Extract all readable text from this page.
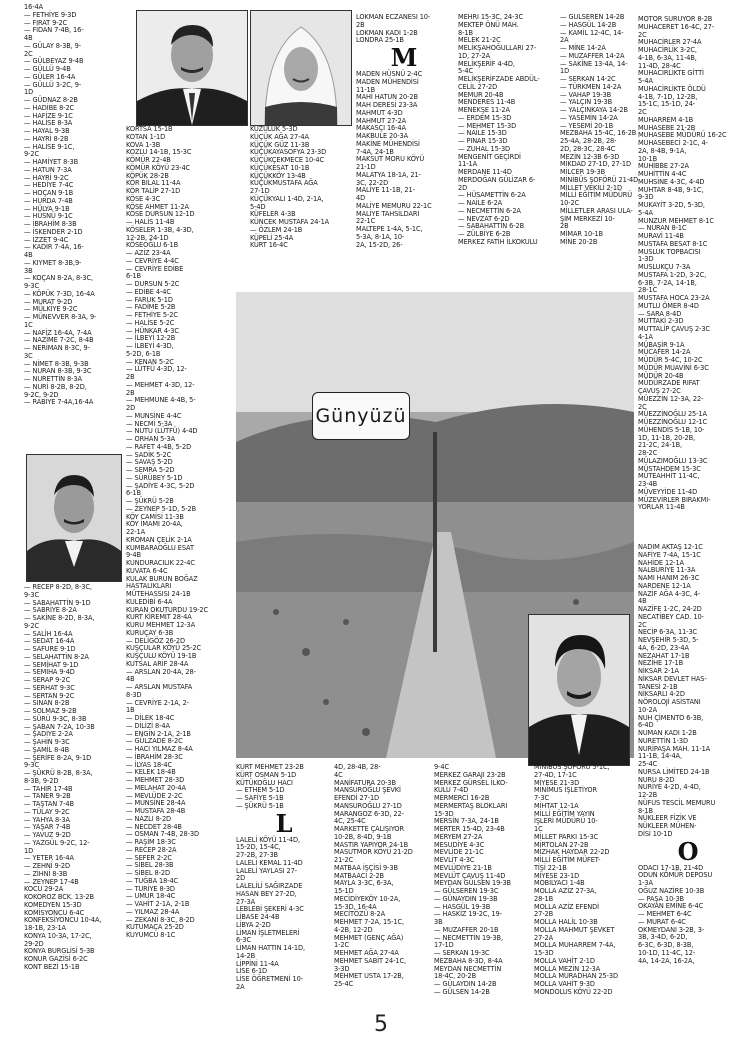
16-4A
— FETHİYE 9-3D
— FIRAT 9-2C
— FİDAN 7-4B, 16-
4B
— GÜLAY 8-3B, 9-
2C
— GÜLBEYAZ 9-4B
— GÜLLÜ 9-4B
— GÜLER 16-4A
— GÜLLÜ 3-2C, 9-
1D
— GÜDNAZ 8-2B
— HADİBE 8-2C
— HAFİZE 9-1C
— HALİSE 8-3A
— HAYAL 9-3B
— HAYRİ 8-2B
— HALİSE 9-1C,
9-2C
— HAMİYET 8-3B
— HATUN 7-3A
— HAYRİ 9-2C
— HEDİYE 7-4C
— HOÇAN 9-1B
— HURDA 7-4B
— HÜLYA 9-1B
— HÜSNÜ 9-1C
— İBRAHİM 8-3B
— İSKENDER 2-1D
— İZZET 9-4C
— KADİR 7-4A, 16-
4B
— KIYMET 8-3B,9-
3B
— KOÇAN 8-2A, 8-3C,
9-3C
— KÖPÜK 7-3D, 16-4A
— MURAT 9-2D
— MÜLKİYE 9-2C
— MÜNEVVER 8-3A, 9-
1C
— NAFİZ 16-4A, 7-4A
— NAZİME 7-2C, 8-4B
— NERİMAN 8-3C, 9-
3C
— NİMET 8-3B, 9-3B
— NURAN 8-3B, 9-3C
— NURETTİN 8-3A
— NURİ 8-2B, 8-2D,
9-2C, 9-2D
— RABİYE 7-4A,16-4A
— RECEP 8-2D, 8-3C,
9-3C
— SABAHATTİN 9-1D
— SABRİYE 8-2A
— SAKİNE 8-2D, 8-3A,
9-2C
— SALİH 16-4A
— SEDAT 16-4A
— SAFURE 9-1D
— SELAHATTİN 8-2A
— SEMİHAT 9-1D
— SEMİHA 9-4D
— SERAP 9-2C
— SERHAT 9-3C
— SERTAN 9-2C
— SİNAN 8-2B
— SOLMAZ 9-2B
— SÜRÜ 9-3C, 8-3B
— ŞABAN 7-2A, 10-3B
— ŞADİYE 2-2A
— ŞAHİN 9-3C
— ŞAMİL 8-4B
— ŞERİFE 8-2A, 9-1D
9-3C
— ŞÜKRÜ 8-2B, 8-3A,
8-3B, 9-2D
— TAHİR 17-4B
— TANER 9-2B
— TAŞTAN 7-4B
— TÜLAY 9-2C
— YAHYA 8-3A
— YAŞAR 7-4B
— YAVUZ 9-2D
— YAZGÜL 9-2C, 12-
1D
— YETER 16-4A
— ZEHNİ 9-2D
— ZİHNİ 8-3B
— ZEYNEP 17-4B
KOCU 29-2A
KOKOROZ BCK. 13-2B
KOMEDYEN 15-3D
KOMİSYONCU 6-4C
KONFEKSİYONCU 10-4A,
18-1B, 23-1A
KONYA 10-3A, 17-2C,
29-2D
KONYA BURGLİSİ 5-3B
KONUR GAZİSİ 6-2C
KONT BEZİ 15-1B
KORTSA 15-1B
KOTAN 1-1D
KOVA 1-3B
KOZLU 14-1B, 15-3C
KÖMÜR 22-4B
KÖMÜR KÖYÜ 23-4C
KÖPÜK 28-2B
KÖR BİLAL 11-4A
KÖR TALİP 27-1D
KÖSE 4-3C
KÖSE AHMET 11-2A
KÖSE DURSUN 12-1D
— HALİS 11-4B
KÖSELER 1-3B, 4-3D,
12-2B, 24-1D
KÖSEOĞLU 6-1B
— AZİZ 23-4A
— CEVRİYE 4-4C
— CEVRİYE EDİBE
6-1B
— DURSUN 5-2C
— EDİBE 4-4C
— FARUK 5-1D
— FADİME 5-2B
— FETHİYE 5-2C
— HALİSE 5-2C
— HÜNKAR 4-3C
— İLBEYİ 12-2B
— İLBEYİ 4-3D,
5-2D, 6-1B
— KENAN 5-2C
— LÜTFÜ 4-3D, 12-
2B
— MEHMET 4-3D, 12-
2B
— MEHMUNE 4-4B, 5-
2D
— MUNSİNE 4-4C
— NECMİ 5-3A
— NUTU (LÜTFÜ) 4-4D
— ORHAN 5-3A
— RAFET 4-4B, 5-2D
— SADİK 5-2C
— SAVAŞ 5-2D
— SEMRA 5-2D
— SÜRÜBEY 5-1D
— ŞADİYE 4-3C, 5-2D
6-1B
— ŞÜKRÜ 5-2B
— ZEYNEP 5-1D, 5-2B
KÖY CAMİSİ 11-3B
KÖY İMAMI 20-4A,
22-1A
KROMAN ÇELİK 2-1A
KUMBARAOĞLU ESAT
9-4B
KUNDURACILIK 22-4C
KUVATA 6-4C
KULAK BURUN BOĞAZ
HASTALIKLARI
MÜTEHASSISI 24-1B
KULEDİBİ 6-4A
KURAN OKUTURDU 19-2C
KURT KİREMİT 28-4A
KURU MEHMET 12-3A
KURUÇAY 6-3B
— DELİGÖZ 26-2D
KUŞÇULAR KÖYÜ 25-2C
KUŞÇULU KÖYÜ 19-1B
KUTSAL ARİF 28-4A
— ARSLAN 20-4A, 28-
4B
— ARSLAN MUSTAFA
8-3D
— CEVRİYE 2-1A, 2-
1B
— DİLEK 18-4C
— DİLİZİ 8-4A
— ENGİN 2-1A, 2-1B
— GÜLZADE 8-2C
— HACI YILMAZ 8-4A
— İBRAHİM 28-3C
— İLYAS 18-4C
— KELEK 18-4B
— MEHMET 28-3D
— MELAHAT 20-4A
— MEVLÜDE 2-2C
— MUNSİNE 28-4A
— MUSTAFA 28-4B
— NAZLI 8-2D
— NECDET 28-4B
— OSMAN 7-4B, 28-3D
— RAŞİM 18-3C
— RECEP 28-2A
— SEFER 2-2C
— SİBEL 28-3B
— SİBEL 8-2D
— TUĞBA 18-4C
— TURİYE 8-3D
— UMUR 18-4C
— VAHİT 2-1A, 2-1B
— YILMAZ 28-4A
— ZEKANİ 8-3C, 8-2D
KUTUMAÇA 25-2D
KUYUMCU 8-1C
KUZULUK 5-3D
KÜÇÜK AĞA 27-4A
KÜÇÜK GÜZ 11-3B
KÜÇÜKAYASOFYA 23-3D
KÜÇÜKÇEKMECE 10-4C
KÜÇÜKESAT 10-1B
KÜÇÜKKÖY 13-4B
KÜÇÜKMUSTAFA AĞA
27-1D
KÜÇÜKYALI 1-4D, 2-1A,
5-4D
KÜFELER 4-3B
KÜNCEK MUSTAFA 24-1A
— ÖZLEM 24-1B
KÜPELİ 25-4A
KÜRT 16-4C
LOKMAN ECZANESİ 10-
2B
LOKMAN KADI 1-2B
LONDRA 25-1B
M
MADEN HÜSNÜ 2-4C
MADEN MÜHENDİSİ
11-1B
MAHİ HATUN 20-2B
MAH DERESİ 23-3A
MAHMUT 4-3D
MAHMUT 27-2A
MAKASÇI 16-4A
MAKBULE 20-3A
MAKİNE MÜHENDİSİ
7-4A, 24-1B
MAKSUT MORU KÖYÜ
21-1D
MALATYA 18-1A, 21-
3C, 22-2D
MALİYE 11-1B, 21-
4D
MALİYE MEMURU 22-1C
MALİYE TAHSİLDARI
22-1C
MALTEPE 1-4A, 5-1C,
5-3A, 8-1A, 10-
2A, 15-2D, 26-
MEHRİ 15-3C, 24-3C
MEKTEP ÖNÜ MAH.
8-1B
MELEK 21-2C
MELİKŞAHOĞULLARI 27-
1D, 27-2A
MELİKŞERİF 4-4D,
5-4C
MELİKŞERİFZADE ABDÜL-
CELİL 27-2D
MEMUR 20-4B
MENDERES 11-4B
MENEKŞE 11-2A
— ERDEM 15-3D
— MEHMET 15-3D
— NAİLE 15-3D
— PINAR 15-3D
— ZUHAL 15-3D
MENGENİT GEÇİRDİ
11-1A
MERDANE 11-4D
MERDOĞAN GÜLİZAR 6-
2D
— HÜSAMETTİN 6-2A
— NAİLE 6-2A
— NECMETTİN 6-2A
— NEVZAT 6-2D
— SABAHATTİN 6-2B
— ZÜLBİYE 6-2B
MERKEZ FATİH İLKOKULU
— GÜLSEREN 14-2B
— HASGÜL 14-2B
— KAMİL 12-4C, 14-
2A
— MİNE 14-2A
— MUZAFFER 14-2A
— SAKİNE 13-4A, 14-
1D
— SERKAN 14-2C
— TÜRKMEN 14-2A
— VAHAP 19-3B
— YALÇIN 19-3B
— YALÇINKAYA 14-2B
— YASEMİN 14-2A
— YESEMİ 20-1B
MEZBAHA 15-4C, 16-2B
25-4A, 28-2B, 28-
2D, 28-3C, 28-4C
MEZİN 12-3B 6-3D
MİKDAD 27-1D, 27-1D
MİLCER 19-3B
MİNİBÜS ŞOFÖRÜ 21-4D
MİLLET VEKİLİ 2-1D
MİLLİ EĞİTİM MÜDÜRÜ
10-2C
MİLLETLER ARASI ULA-
ŞIM MERKEZİ 10-
2B
MİMAR 10-1B
MİNE 20-2B
Günyüzü
MOTOR SÜRÜYOR 8-2B
MUHACERET 16-4C, 27-
2C
MUHACİRLER 27-4A
MUHACİRLİK 3-2C,
4-1B, 6-3A, 11-4B,
11-4D, 28-4C
MUHACİRLİKTE GİTTİ
5-4A
MUHACİRLİKTE ÖLDÜ
4-1B, 7-1D, 12-2B,
15-1C, 15-1D, 24-
2C
MUHARREM 4-1B
MUHASEBE 21-2B
MUHASEBE MÜDÜRÜ 16-2C
MUHASEBECİ 2-1C, 4-
2A, 8-4B, 9-1A,
10-1B
MUHİBBE 27-2A
MUHİTTİN 4-4C
MUHSİNE 4-3C, 4-4D
MUHTAR 8-4B, 9-1C,
9-3D
MUKAYİT 3-2D, 5-3D,
5-4A
MUNZUR MEHMET 8-1C
— NURAN 8-1C
MURAVİ 11-4B
MUSTAFA BESAT 8-1C
MUSLUK TOPBACISI
1-3D
MUSLUKÇU 7-3A
MUSTAFA 1-2D, 3-2C,
6-3B, 7-2A, 14-1B,
28-1C
MUSTAFA HOCA 23-2A
MUTLU ÖMER 8-4D
— SARA 8-4D
MUTTAKİ 2-3D
MUTTALİP ÇAVUŞ 2-3C
4-1A
MÜBAŞİR 9-1A
MÜCAFER 14-2A
MÜDÜR 5-4C, 10-2C
MÜDÜR MUAVİNİ 6-3C
MÜDÜR 20-4B
MÜDÜRZADE RIFAT
ÇAVUŞ 27-2C
MÜEZZİN 12-3A, 22-
2C
MÜEZZİNOĞLU 25-1A
MÜEZZİNOĞLU 12-1C
MÜHENDİS 5-1B, 10-
1D, 11-1B, 20-2B,
21-2C, 24-1B,
28-2C
MÜLAZIMOĞLU 13-3C
MÜSTAHDEM 15-3C
MÜTEAHHİT 11-4C,
23-4B
MÜVEYYİDE 11-4D
MÜZEVİRLER BIRAKMI-
YORLAR 11-4B
NADİM AKTAŞ 12-1C
NAFİYE 7-4A, 15-1C
NAHİDE 12-1A
NALBURİYE 11-3A
NAMI HANIM 26-3C
NARDENE 12-1A
NAZİF AĞA 4-3C, 4-
4B
NAZİFE 1-2C, 24-2D
NECATİBEY CAD. 10-
2C
NECİP 6-3A, 11-3C
NEVŞEHİR 5-3D, 5-
4A, 6-2D, 23-4A
NEZAHAT 17-1B
NEZİHE 17-1B
NİKSAR 2-1A
NİKSAR DEVLET HAS-
TANESİ 2-1B
NİKSARLI 4-2D
NÖROLOJİ ASİSTANI
10-2A
NUH ÇİMENTO 6-3B,
6-4D
NUMAN KADI 1-2B
NURETTİN 1-3D
NURİPAŞA MAH. 11-1A
11-1B, 14-4A,
25-4C
NURSA LİMİTED 24-1B
NURU 8-2D
NURİYE 4-2D, 4-4D,
12-2B
NÜFUS TESCİL MEMURU
8-1B
NÜKLEER FİZİK VE
NÜKLEER MÜHEN-
DİSİ 10-1D
O
ODACI 17-1B, 21-4D
ODUN KÖMÜR DEPOSU
1-3A
OĞUZ NAZİRE 10-3B
— PAŞA 10-3B
OKAYAN EMİNE 6-4C
— MEHMET 6-4C
— MURAT 6-4C
OKMEYDANI 3-2B, 3-
3B, 3-4D, 6-2D,
6-3C, 6-3D, 8-3B,
10-1D, 11-4C, 12-
4A, 14-2A, 16-2A,
KÜRT MEHMET 23-2B
KÜRT OSMAN 5-1D
KÜTÜKOĞLU HACI
— ETHEM 5-1D
— SAFİYE 5-1B
— ŞÜKRÜ 5-1B
L
LALELİ KÖYÜ 11-4D,
15-2D, 15-4C,
27-2B, 27-3B
LALELİ KEMAL 11-4D
LALELİ YAYLASI 27-
2D
LALELİLİ SAĞIRZADE
HASAN BEY 27-2D,
27-3A
LEBLEBİ ŞEKERİ 4-3C
LİBASE 24-4B
LİBYA 2-2D
LİMAN İŞLETMELERİ
6-3C
LİMAN HATTIN 14-1D,
14-2B
LİPPİNİ 11-4A
LİSE 6-1D
LİSE ÖĞRETMENİ 10-
2A
4D, 28-4B, 28-
4C
MANİFATURA 20-3B
MANSUROĞLU ŞEVKİ
EFENDİ 27-1D
MANSUROĞLU 27-1D
MARANGOZ 6-3D, 22-
4C, 25-4C
MARKETTE ÇALIŞIYOR
10-2B, 8-4D, 9-1B
MASTIR YAPIYOR 24-1B
MASUTMOR KÖYÜ 21-2D
21-2C
MATBAA İŞÇİSİ 9-3B
MATBAACI 2-2B
MAYLA 3-3C, 6-3A,
15-1D
MECİDİYEKÖY 10-2A,
15-3D, 16-4A
MECİTÖZÜ 8-2A
MEHMET 7-2A, 15-1C,
4-2B, 12-2D
MEHMET (GENÇ AĞA)
1-2C
MEHMET AĞA 27-4A
MEHMET SABİT 24-1C,
3-3D
MEHMET USTA 17-2B,
25-4C
9-4C
MERKEZ GARAJI 23-2B
MERKEZ GÜRSEL İLKO-
KULU 7-4D
MERMERCİ 16-2B
MERMERTAŞ BLOKLARI
15-3D
MERSİN 7-3A, 24-1B
MERTER 15-4D, 23-4B
MERYEM 27-2A
MESUDİYE 4-3C
MEVLİDE 21-1C
MEVLİT 4-3C
MEVLÜDİYE 21-1B
MEVLÜT ÇAVUŞ 11-4D
MEYDAN GÜLSEN 19-3B
— GÜLSEREN 19-3C
— GÜNAYDIN 19-3B
— HASGÜL 19-3B
— HASKİZ 19-2C, 19-
3B
— MUZAFFER 20-1B
— NECMETTİN 19-3B,
17-1D
— SERKAN 19-3C
MEZBAHA 8-3D, 8-4A
MEYDAN NECMETTİN
18-4C, 20-2B
— GÜLAYDIN 14-2B
— GÜLSEN 14-2B
MİNİBÜS ŞOFÖRÜ 5-1C,
27-4D, 17-1C
MİYESE 21-3D
MİNİMUS İŞLETİYOR
7-3C
MİHTAT 12-1A
MİLLİ EĞİTİM YAYIN
İŞLERİ MÜDÜRÜ 10-
1C
MİLLET PARKI 15-3C
MİRTOLAN 27-2B
MİZHAK HAYDAR 22-2D
MİLLİ EĞİTİM MÜFET-
TİŞİ 22-1B
MİYESE 23-1D
MOBİLYACI 1-4B
MOLLA AZİZ 27-3A,
28-1B
MOLLA AZİZ EFENDİ
27-2B
MOLLA HALİL 10-3B
MOLLA MAHMUT ŞEVKET
27-2A
MOLLA MUHARREM 7-4A,
15-3D
MOLLA VAHİT 2-1D
MOLLA MEZİN 12-3A
MOLLA MURADHAN 25-3D
MOLLA VAHİT 9-3D
MONDOLUS KÖYÜ 22-2D
5
